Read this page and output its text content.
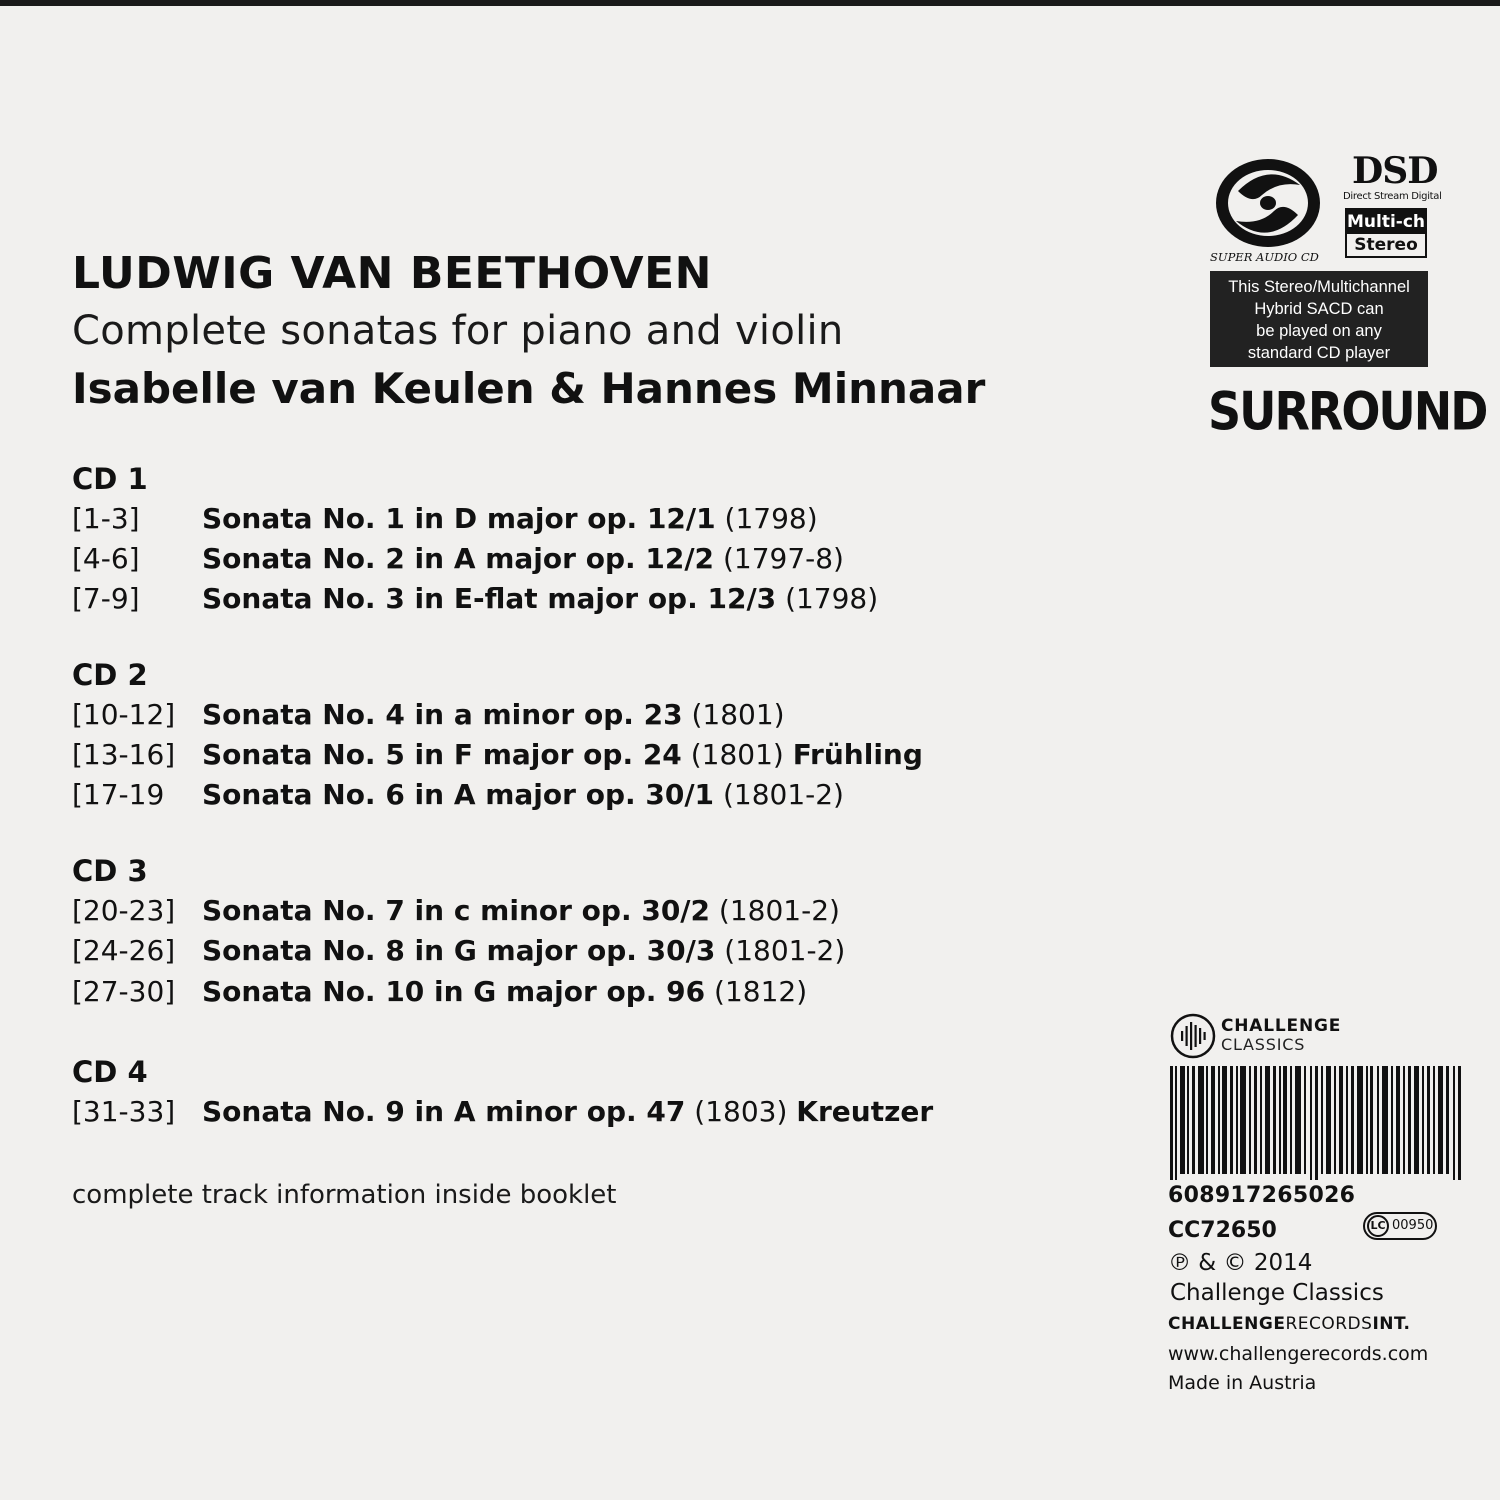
LUDWIG VAN BEETHOVEN
Complete sonatas for piano and violin
Isabelle van Keulen & Hannes Minnaar
CD 1
[1-3] Sonata No. 1 in D major op. 12/1 (1798)
[4-6] Sonata No. 2 in A major op. 12/2 (1797-8)
[7-9] Sonata No. 3 in E-flat major op. 12/3 (1798)
CD 2
[10-12] Sonata No. 4 in a minor op. 23 (1801)
[13-16] Sonata No. 5 in F major op. 24 (1801) Frühling
[17-19 Sonata No. 6 in A major op. 30/1 (1801-2)
CD 3
[20-23] Sonata No. 7 in c minor op. 30/2 (1801-2)
[24-26] Sonata No. 8 in G major op. 30/3 (1801-2)
[27-30] Sonata No. 10 in G major op. 96 (1812)
CD 4
[31-33] Sonata No. 9 in A minor op. 47 (1803) Kreutzer
complete track information inside booklet
SUPER AUDIO CD
DSD
Direct Stream Digital
Multi-ch
Stereo
This Stereo/Multichannel
Hybrid SACD can
be played on any
standard CD player
SURROUND
CHALLENGE
CLASSICS
608917265026
CC72650	LC 00950
℗ & © 2014
Challenge Classics
CHALLENGERECORDSINT.
www.challengerecords.com
Made in Austria
